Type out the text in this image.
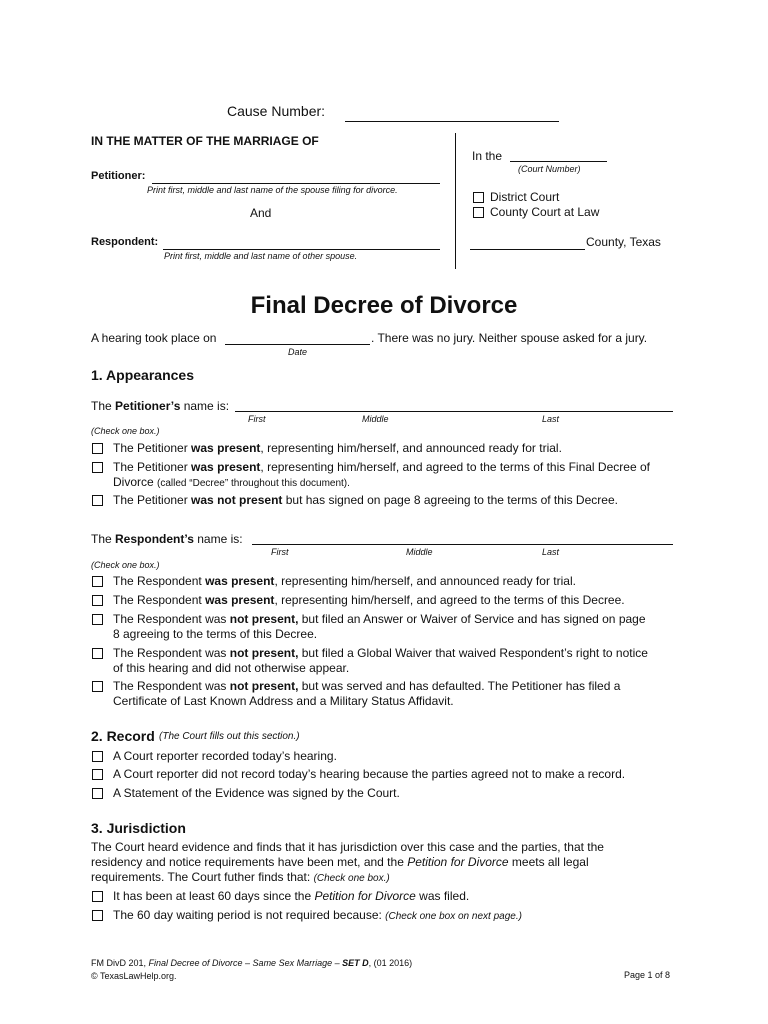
Cause Number:
IN THE MATTER OF THE MARRIAGE OF
Petitioner:
Print first, middle and last name of the spouse filing for divorce.
And
Respondent:
Print first, middle and last name of other spouse.
In the
(Court Number)
District Court
County Court at Law
County, Texas
Final Decree of Divorce
A hearing took place on	. There was no jury. Neither spouse asked for a jury.
Date
1. Appearances
The Petitioner’s name is:
First	Middle	Last
(Check one box.)
The Petitioner was present, representing him/herself, and announced ready for trial.
The Petitioner was present, representing him/herself, and agreed to the terms of this Final Decree of
Divorce (called “Decree” throughout this document).
The Petitioner was not present but has signed on page 8 agreeing to the terms of this Decree.
The Respondent’s name is:
First	Middle	Last
(Check one box.)
The Respondent was present, representing him/herself, and announced ready for trial.
The Respondent was present, representing him/herself, and agreed to the terms of this Decree.
The Respondent was not present, but filed an Answer or Waiver of Service and has signed on page
8 agreeing to the terms of this Decree.
The Respondent was not present, but filed a Global Waiver that waived Respondent’s right to notice
of this hearing and did not otherwise appear.
The Respondent was not present, but was served and has defaulted. The Petitioner has filed a
Certificate of Last Known Address and a Military Status Affidavit.
2. Record (The Court fills out this section.)
A Court reporter recorded today’s hearing.
A Court reporter did not record today’s hearing because the parties agreed not to make a record.
A Statement of the Evidence was signed by the Court.
3. Jurisdiction
The Court heard evidence and finds that it has jurisdiction over this case and the parties, that the
residency and notice requirements have been met, and the Petition for Divorce meets all legal
requirements. The Court futher finds that: (Check one box.)
It has been at least 60 days since the Petition for Divorce was filed.
The 60 day waiting period is not required because: (Check one box on next page.)
FM DivD 201, Final Decree of Divorce – Same Sex Marriage – SET D, (01 2016)
© TexasLawHelp.org.	Page 1 of 8
